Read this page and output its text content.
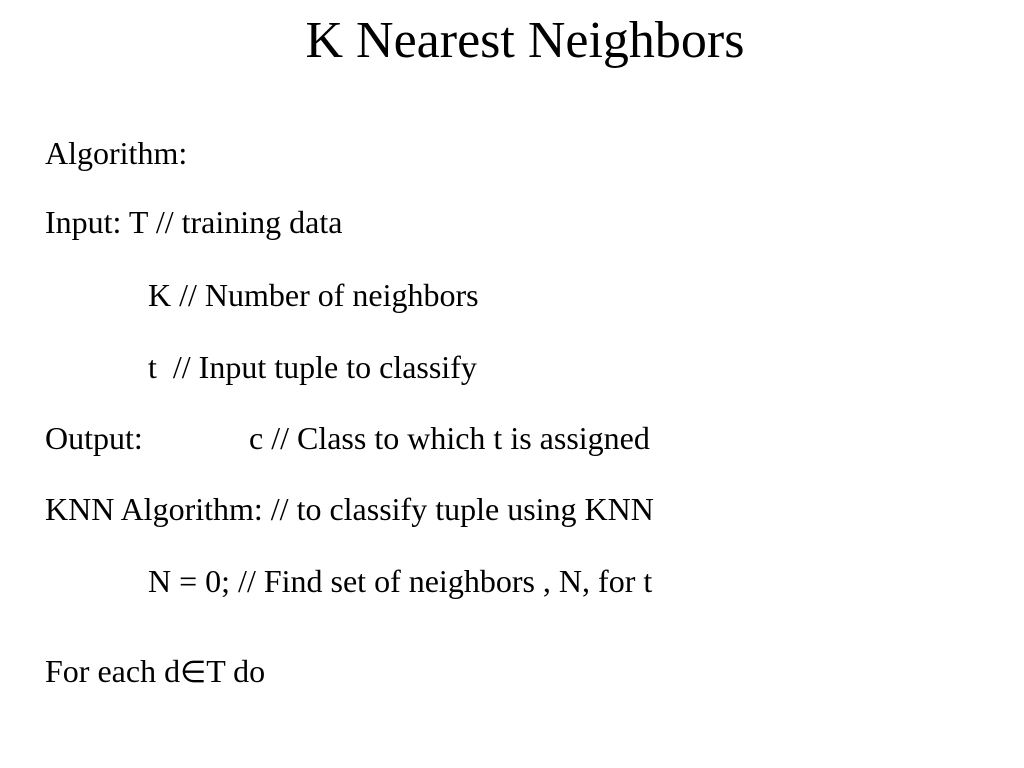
K Nearest Neighbors
Algorithm:
Input: T // training data
K // Number of neighbors
t  // Input tuple to classify
Output:	c // Class to which t is assigned
KNN Algorithm: // to classify tuple using KNN
N = 0; // Find set of neighbors , N, for t
For each d∈T do
